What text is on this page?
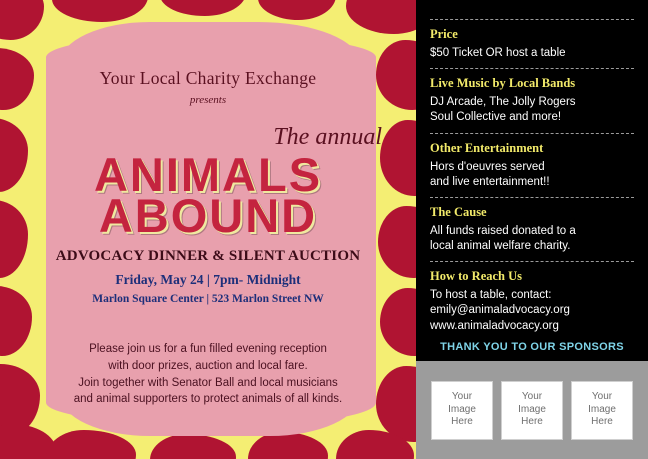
Your Local Charity Exchange
presents
The annual
ANIMALS
ABOUND
ADVOCACY DINNER & SILENT AUCTION
Friday, May 24 | 7pm- Midnight
Marlon Square Center | 523 Marlon Street NW
Please join us for a fun filled evening reception
with door prizes, auction and local fare.
Join together with Senator Ball and local musicians
and animal supporters to protect animals of all kinds.
Price
$50 Ticket OR host a table
Live Music by Local Bands
DJ Arcade, The Jolly Rogers
Soul Collective and more!
Other Entertainment
Hors d'oeuvres served
and live entertainment!!
The Cause
All funds raised donated to a
local animal welfare charity.
How to Reach Us
To host a table, contact:
emily@animaladvocacy.org
www.animaladvocacy.org
THANK YOU TO OUR SPONSORS
Your
Image
Here
Your
Image
Here
Your
Image
Here
